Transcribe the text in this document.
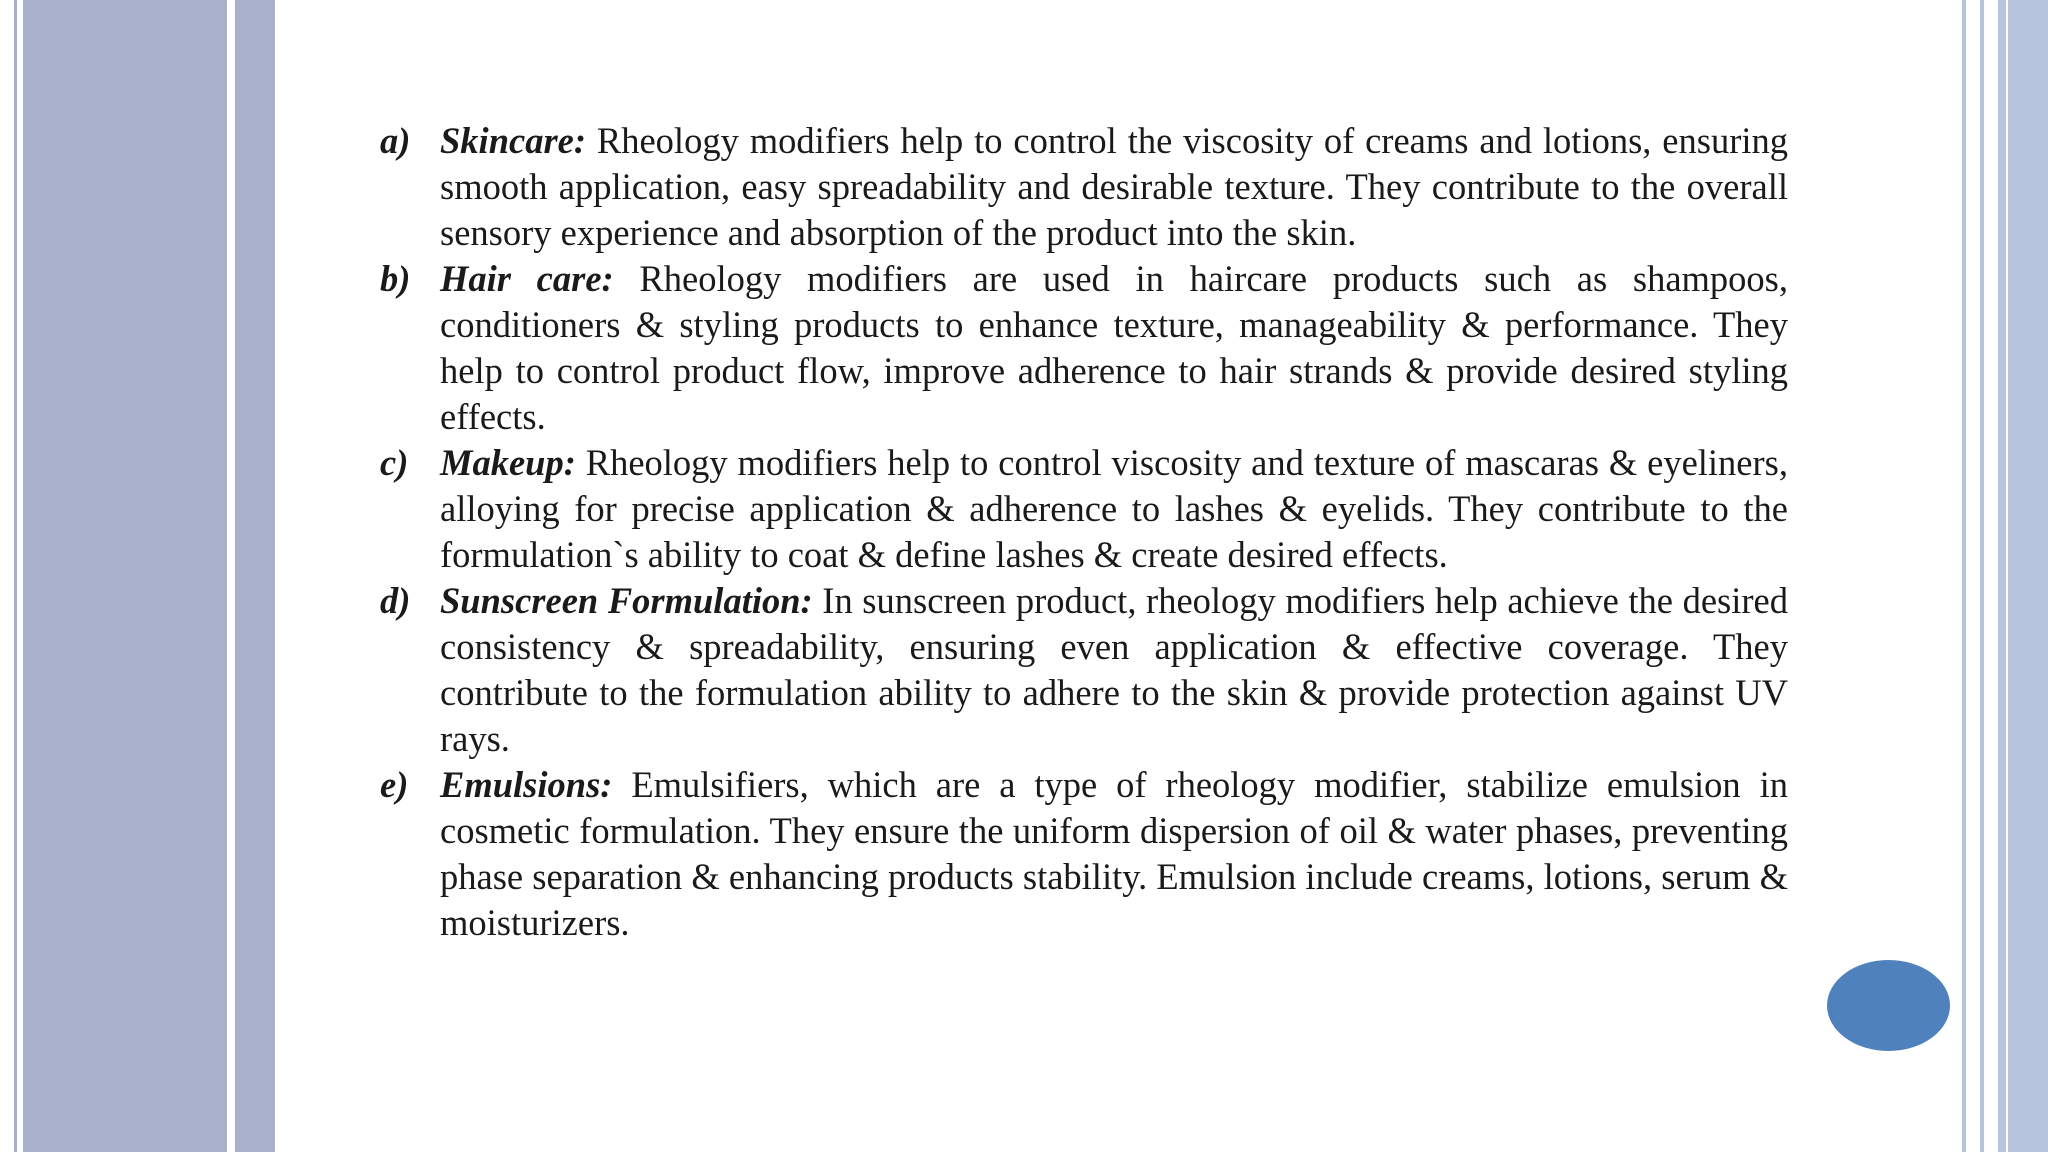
a) Skincare: Rheology modifiers help to control the viscosity of creams and lotions, ensuring smooth application, easy spreadability and desirable texture. They contribute to the overall sensory experience and absorption of the product into the skin.
b) Hair care: Rheology modifiers are used in haircare products such as shampoos, conditioners & styling products to enhance texture, manageability & performance. They help to control product flow, improve adherence to hair strands & provide desired styling effects.
c) Makeup: Rheology modifiers help to control viscosity and texture of mascaras & eyeliners, alloying for precise application & adherence to lashes & eyelids. They contribute to the formulation`s ability to coat & define lashes & create desired effects.
d) Sunscreen Formulation: In sunscreen product, rheology modifiers help achieve the desired consistency & spreadability, ensuring even application & effective coverage. They contribute to the formulation ability to adhere to the skin & provide protection against UV rays.
e) Emulsions: Emulsifiers, which are a type of rheology modifier, stabilize emulsion in cosmetic formulation. They ensure the uniform dispersion of oil & water phases, preventing phase separation & enhancing products stability. Emulsion include creams, lotions, serum & moisturizers.
